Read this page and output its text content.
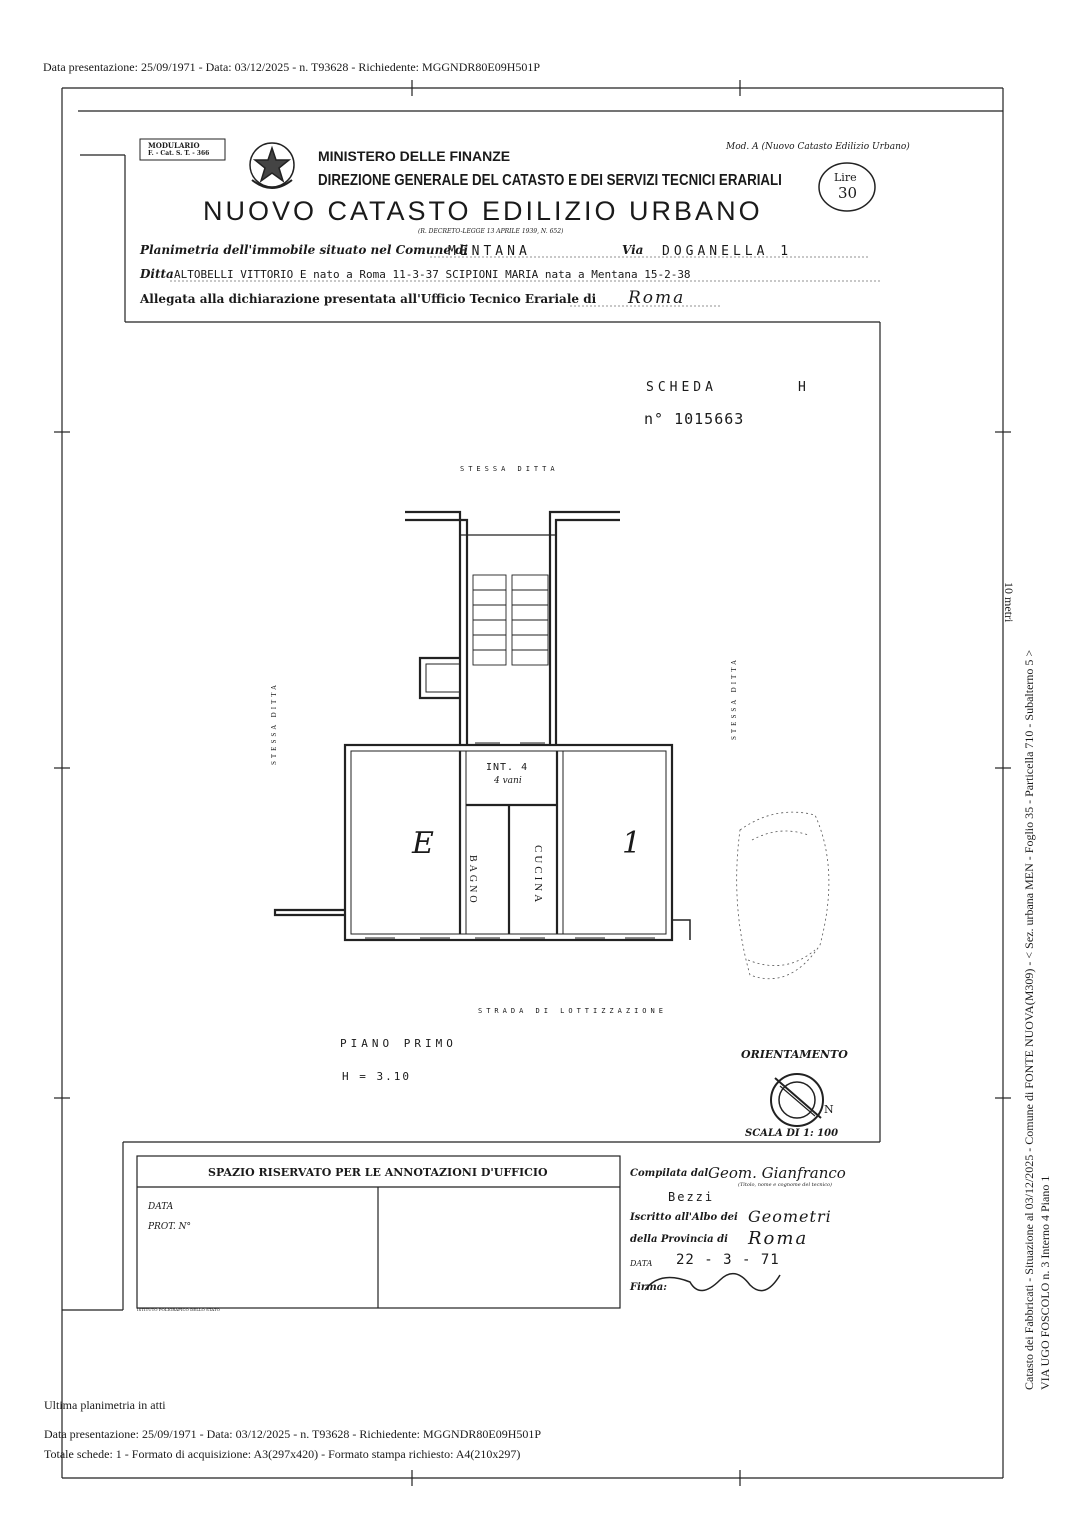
Data presentazione: 25/09/1971 - Data: 03/12/2025 - n. T93628 - Richiedente: MGGNDR80E09H501P
MODULARIO
F. - Cat. S. T. - 366	MINISTERO DELLE FINANZE
Mod. A (Nuovo Catasto Edilizio Urbano)
DIREZIONE GENERALE DEL CATASTO E DEI SERVIZI TECNICI ERARIALI	Lire
30
NUOVO CATASTO EDILIZIO URBANO
(R. DECRETO-LEGGE 13 APRILE 1939, N. 652)
Planimetria dell'immobile situato nel Comune di
MENTANA	Via DOGANELLA 1
Ditta ALTOBELLI VITTORIO E nato a Roma 11-3-37 SCIPIONI MARIA nata a Mentana 15-2-38
Allegata alla dichiarazione presentata all'Ufficio Tecnico Erariale di Roma
SCHEDA	H
n° 1015663
STESSA DITTA
STESSA DITTA	STESSA DITTA
INT. 4
4 vani
E	1
BAGNO	CUCINA
STRADA DI LOTTIZZAZIONE
PIANO PRIMO
H = 3.10
ORIENTAMENTO
N
SCALA DI 1: 100
SPAZIO RISERVATO PER LE ANNOTAZIONI D'UFFICIO
DATA
PROT. N°
ISTITUTO POLIGRAFICO DELLO STATO
Compilata dal Geom. Gianfranco
(Titolo, nome e cognome del tecnico)
Bezzi
Iscritto all'Albo dei Geometri
della Provincia di Roma
DATA 22 - 3 - 71
Firma:	Catasto dei Fabbricati - Situazione al 03/12/2025 - Comune di FONTE NUOVA(M309) - < Sez. urbana MEN - Foglio 35 - Particella 710 - Subalterno 5 > VIA UGO FOSCOLO n. 3 Interno 4 Piano 1
10 metri
Ultima planimetria in atti
Data presentazione: 25/09/1971 - Data: 03/12/2025 - n. T93628 - Richiedente: MGGNDR80E09H501P
Totale schede: 1 - Formato di acquisizione: A3(297x420) - Formato stampa richiesto: A4(210x297)
